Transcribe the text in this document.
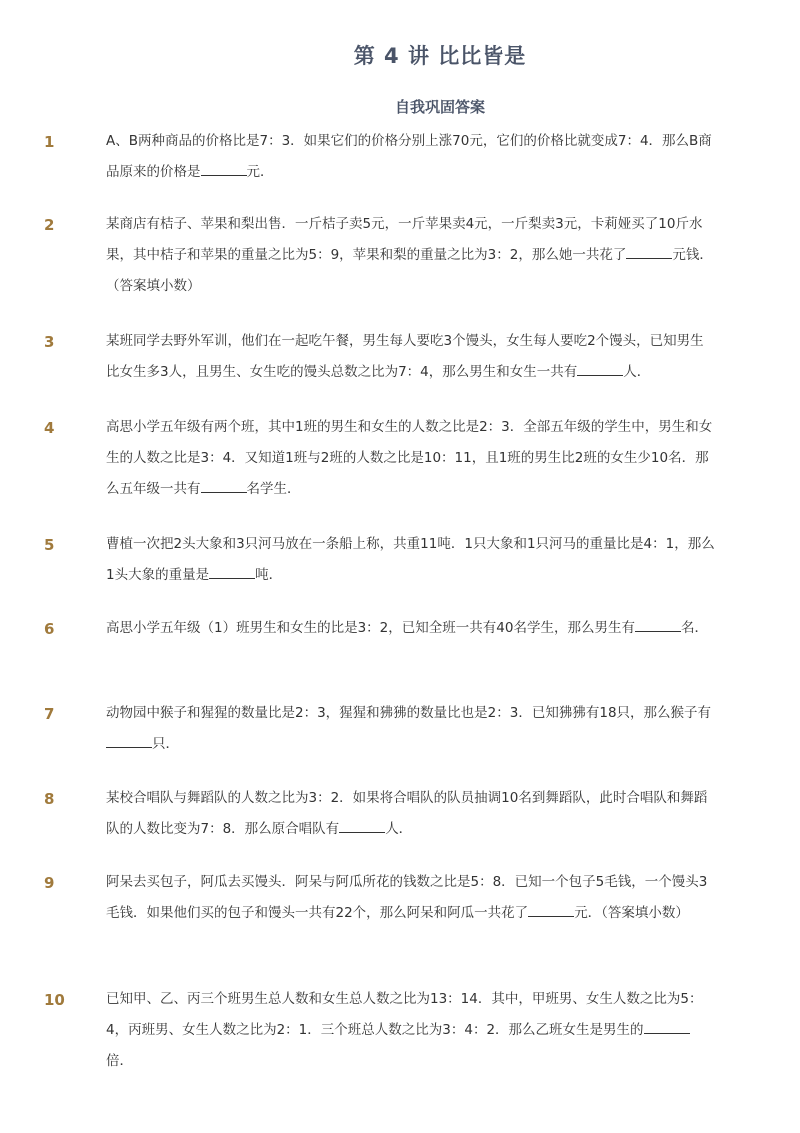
第 4 讲 比比皆是
自我巩固答案
1	A、B两种商品的价格比是7：3．如果它们的价格分别上涨70元，它们的价格比就变成7：4．那么B商品原来的价格是	元．
2	某商店有桔子、苹果和梨出售．一斤桔子卖5元，一斤苹果卖4元，一斤梨卖3元，卡莉娅买了10斤水果，其中桔子和苹果的重量之比为5：9，苹果和梨的重量之比为3：2，那么她一共花了	元钱．（答案填小数）
3	某班同学去野外军训，他们在一起吃午餐，男生每人要吃3个馒头，女生每人要吃2个馒头，已知男生比女生多3人，且男生、女生吃的馒头总数之比为7：4，那么男生和女生一共有	人．
4	高思小学五年级有两个班，其中1班的男生和女生的人数之比是2：3．全部五年级的学生中，男生和女生的人数之比是3：4．又知道1班与2班的人数之比是10：11，且1班的男生比2班的女生少10名．那么五年级一共有	名学生．
5	曹植一次把2头大象和3只河马放在一条船上称，共重11吨．1只大象和1只河马的重量比是4：1，那么1头大象的重量是	吨．
6	高思小学五年级（1）班男生和女生的比是3：2，已知全班一共有40名学生，那么男生有	名．
7	动物园中猴子和猩猩的数量比是2：3，猩猩和狒狒的数量比也是2：3．已知狒狒有18只，那么猴子有只．
8	某校合唱队与舞蹈队的人数之比为3：2．如果将合唱队的队员抽调10名到舞蹈队，此时合唱队和舞蹈队的人数比变为7：8．那么原合唱队有	人．
9	阿呆去买包子，阿瓜去买馒头．阿呆与阿瓜所花的钱数之比是5：8．已知一个包子5毛钱，一个馒头3毛钱．如果他们买的包子和馒头一共有22个，那么阿呆和阿瓜一共花了	元．（答案填小数）
10	已知甲、乙、丙三个班男生总人数和女生总人数之比为13：14．其中，甲班男、女生人数之比为5：4，丙班男、女生人数之比为2：1．三个班总人数之比为3：4：2．那么乙班女生是男生的倍．
